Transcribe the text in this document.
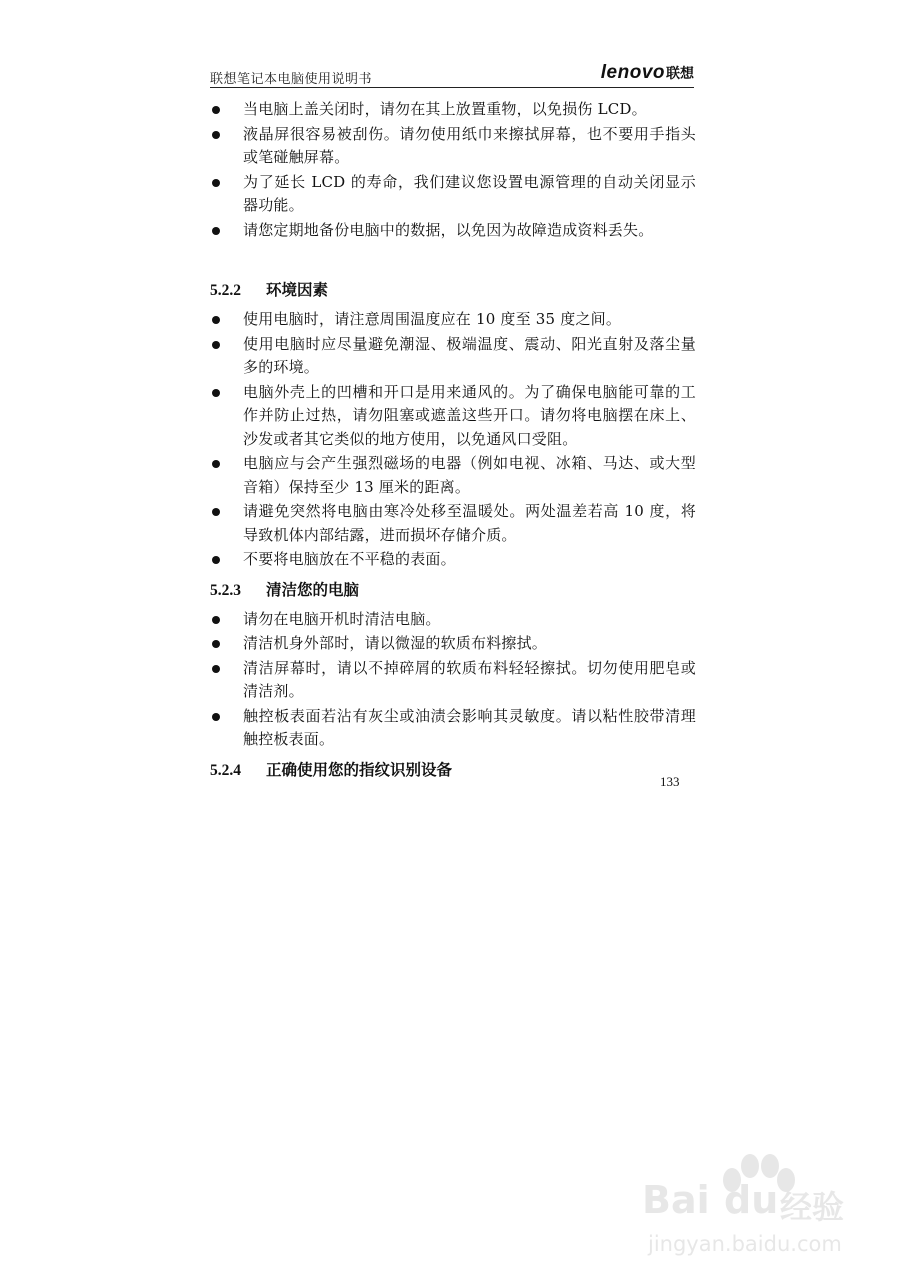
联想笔记本电脑使用说明书	lenovo联想
当电脑上盖关闭时，请勿在其上放置重物，以免损伤 LCD。
液晶屏很容易被刮伤。请勿使用纸巾来擦拭屏幕，也不要用手指头或笔碰触屏幕。
为了延长 LCD 的寿命，我们建议您设置电源管理的自动关闭显示器功能。
请您定期地备份电脑中的数据，以免因为故障造成资料丢失。
5.2.2 环境因素
使用电脑时，请注意周围温度应在 10 度至 35 度之间。
使用电脑时应尽量避免潮湿、极端温度、震动、阳光直射及落尘量多的环境。
电脑外壳上的凹槽和开口是用来通风的。为了确保电脑能可靠的工作并防止过热，请勿阻塞或遮盖这些开口。请勿将电脑摆在床上、沙发或者其它类似的地方使用，以免通风口受阻。
电脑应与会产生强烈磁场的电器（例如电视、冰箱、马达、或大型音箱）保持至少 13 厘米的距离。
请避免突然将电脑由寒冷处移至温暖处。两处温差若高 10 度，将导致机体内部结露，进而损坏存储介质。
不要将电脑放在不平稳的表面。
5.2.3 清洁您的电脑
请勿在电脑开机时清洁电脑。
清洁机身外部时，请以微湿的软质布料擦拭。
清洁屏幕时，请以不掉碎屑的软质布料轻轻擦拭。切勿使用肥皂或清洁剂。
触控板表面若沾有灰尘或油渍会影响其灵敏度。请以粘性胶带清理触控板表面。
5.2.4 正确使用您的指纹识别设备
133
Bai du 经验
jingyan.baidu.com
